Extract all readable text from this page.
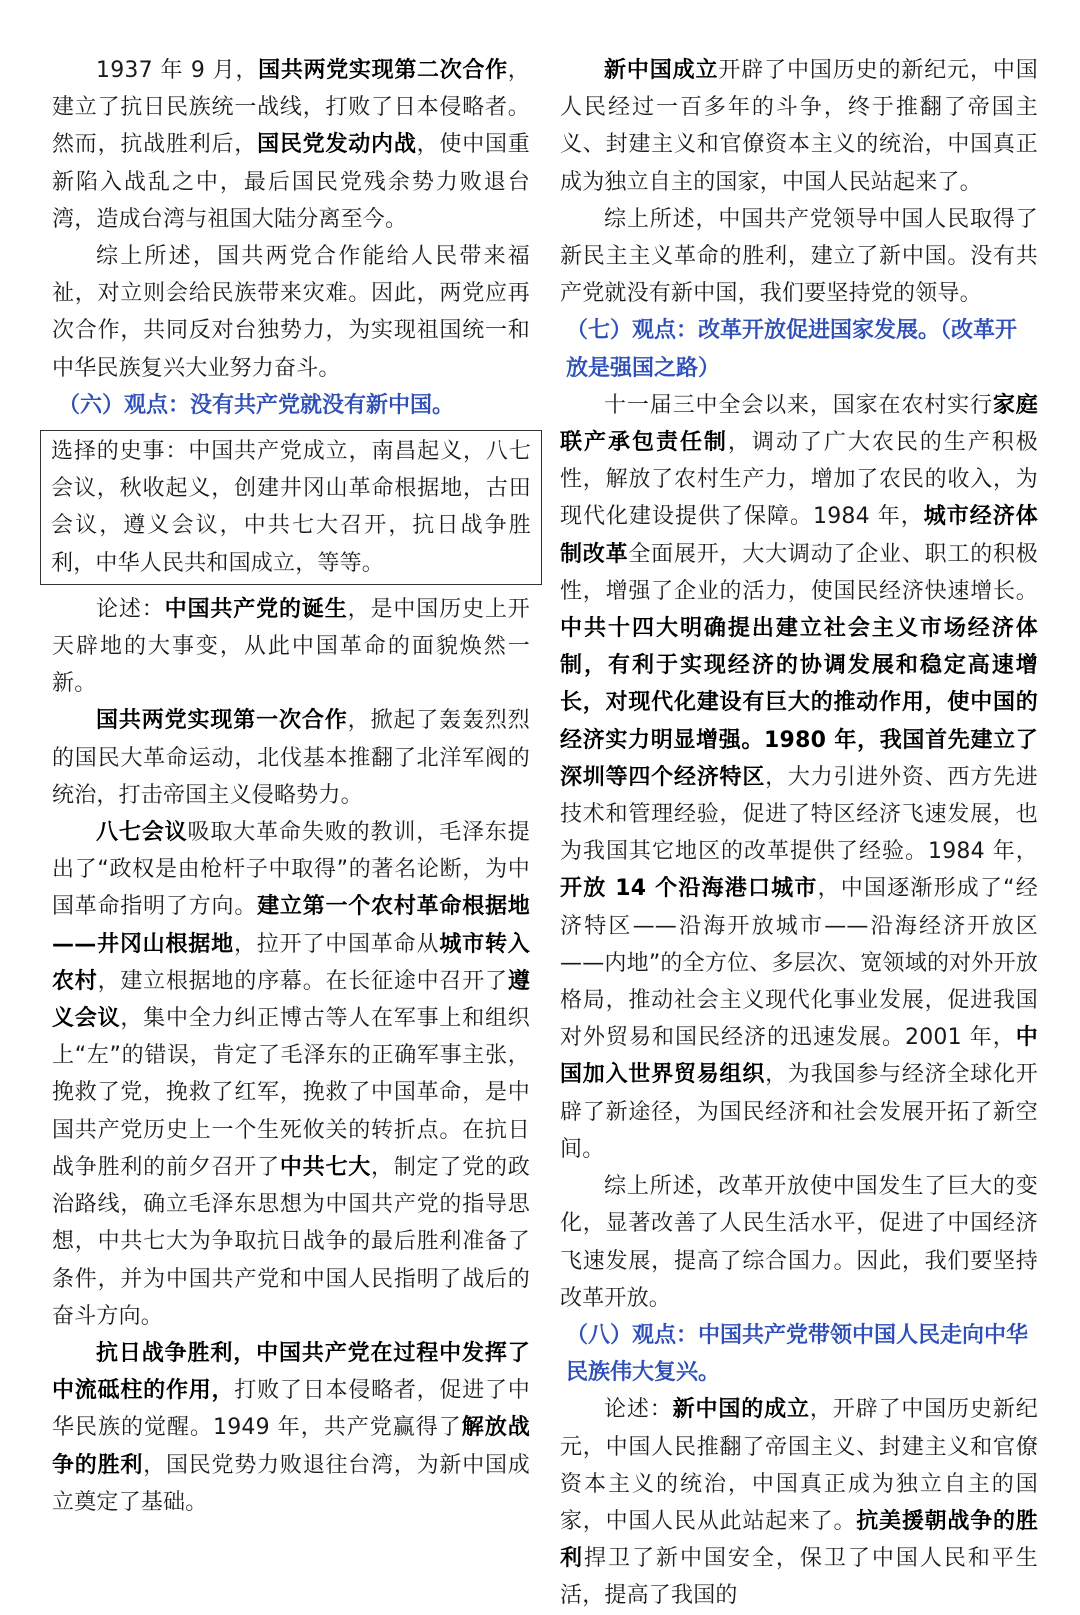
1937 年 9 月，国共两党实现第二次合作，建立了抗日民族统一战线，打败了日本侵略者。然而，抗战胜利后，国民党发动内战，使中国重新陷入战乱之中，最后国民党残余势力败退台湾，造成台湾与祖国大陆分离至今。

综上所述，国共两党合作能给人民带来福祉，对立则会给民族带来灾难。因此，两党应再次合作，共同反对台独势力，为实现祖国统一和中华民族复兴大业努力奋斗。

（六）观点：没有共产党就没有新中国。

选择的史事：中国共产党成立，南昌起义，八七会议，秋收起义，创建井冈山革命根据地，古田会议，遵义会议，中共七大召开，抗日战争胜利，中华人民共和国成立，等等。

论述：中国共产党的诞生，是中国历史上开天辟地的大事变，从此中国革命的面貌焕然一新。

国共两党实现第一次合作，掀起了轰轰烈烈的国民大革命运动，北伐基本推翻了北洋军阀的统治，打击帝国主义侵略势力。

八七会议吸取大革命失败的教训，毛泽东提出了“政权是由枪杆子中取得”的著名论断，为中国革命指明了方向。建立第一个农村革命根据地——井冈山根据地，拉开了中国革命从城市转入农村，建立根据地的序幕。在长征途中召开了遵义会议，集中全力纠正博古等人在军事上和组织上“左”的错误，肯定了毛泽东的正确军事主张，挽救了党，挽救了红军，挽救了中国革命，是中国共产党历史上一个生死攸关的转折点。在抗日战争胜利的前夕召开了中共七大，制定了党的政治路线，确立毛泽东思想为中国共产党的指导思想，中共七大为争取抗日战争的最后胜利准备了条件，并为中国共产党和中国人民指明了战后的奋斗方向。

抗日战争胜利，中国共产党在过程中发挥了中流砥柱的作用，打败了日本侵略者，促进了中华民族的觉醒。1949 年，共产党赢得了解放战争的胜利，国民党势力败退往台湾，为新中国成立奠定了基础。

新中国成立开辟了中国历史的新纪元，中国人民经过一百多年的斗争，终于推翻了帝国主义、封建主义和官僚资本主义的统治，中国真正成为独立自主的国家，中国人民站起来了。

综上所述，中国共产党领导中国人民取得了新民主主义革命的胜利，建立了新中国。没有共产党就没有新中国，我们要坚持党的领导。

（七）观点：改革开放促进国家发展。（改革开放是强国之路）

十一届三中全会以来，国家在农村实行家庭联产承包责任制，调动了广大农民的生产积极性，解放了农村生产力，增加了农民的收入，为现代化建设提供了保障。1984 年，城市经济体制改革全面展开，大大调动了企业、职工的积极性，增强了企业的活力，使国民经济快速增长。中共十四大明确提出建立社会主义市场经济体制，有利于实现经济的协调发展和稳定高速增长，对现代化建设有巨大的推动作用，使中国的经济实力明显增强。1980 年，我国首先建立了深圳等四个经济特区，大力引进外资、西方先进技术和管理经验，促进了特区经济飞速发展，也为我国其它地区的改革提供了经验。1984 年，开放 14 个沿海港口城市，中国逐渐形成了“经济特区——沿海开放城市——沿海经济开放区——内地”的全方位、多层次、宽领域的对外开放格局，推动社会主义现代化事业发展，促进我国对外贸易和国民经济的迅速发展。2001 年，中国加入世界贸易组织，为我国参与经济全球化开辟了新途径，为国民经济和社会发展开拓了新空间。

综上所述，改革开放使中国发生了巨大的变化，显著改善了人民生活水平，促进了中国经济飞速发展，提高了综合国力。因此，我们要坚持改革开放。

（八）观点：中国共产党带领中国人民走向中华民族伟大复兴。

论述：新中国的成立，开辟了中国历史新纪元，中国人民推翻了帝国主义、封建主义和官僚资本主义的统治，中国真正成为独立自主的国家，中国人民从此站起来了。抗美援朝战争的胜利捍卫了新中国安全，保卫了中国人民和平生活，提高了我国的
